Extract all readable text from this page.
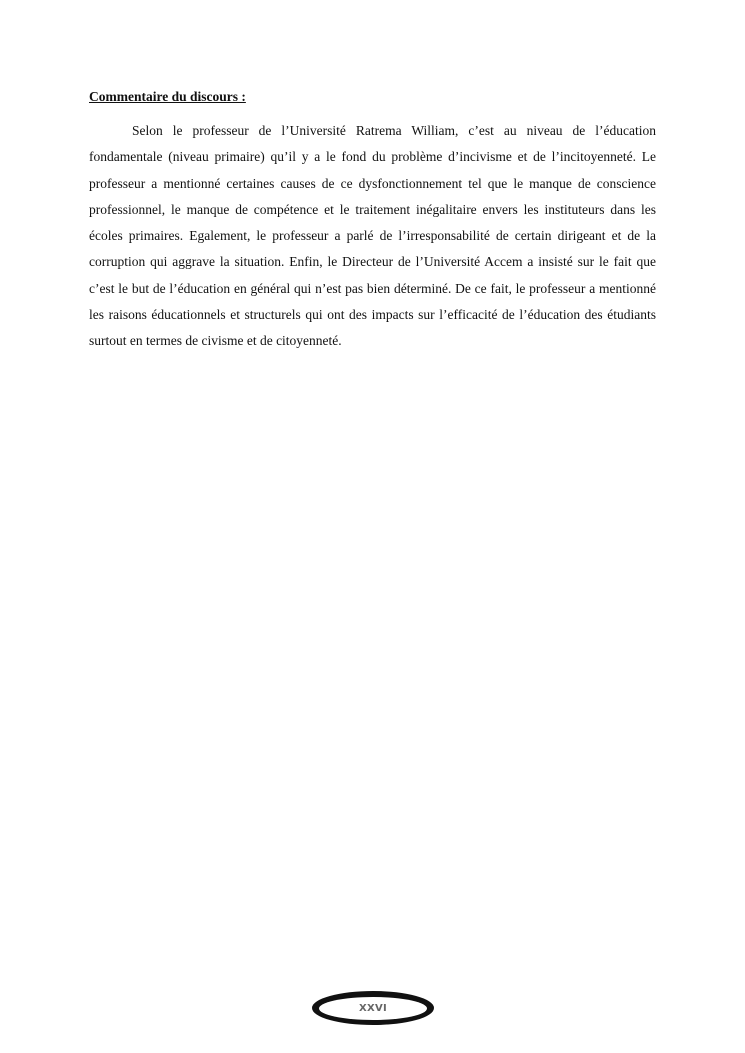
Commentaire du discours :

Selon le professeur de l’Université Ratrema William, c’est au niveau de l’éducation fondamentale (niveau primaire) qu’il y a le fond du problème d’incivisme et de l’incitoyenneté. Le professeur a mentionné certaines causes de ce dysfonctionnement tel que le manque de conscience professionnel, le manque de compétence et le traitement inégalitaire envers les instituteurs dans les écoles primaires. Egalement, le professeur a parlé de l’irresponsabilité de certain dirigeant et de la corruption qui aggrave la situation. Enfin, le Directeur de l’Université Accem a insisté sur le fait que c’est le but de l’éducation en général qui n’est pas bien déterminé. De ce fait, le professeur a mentionné les raisons éducationnels et structurels qui ont des impacts sur l’efficacité de l’éducation des étudiants surtout en termes de civisme et de citoyenneté.

XXVI
